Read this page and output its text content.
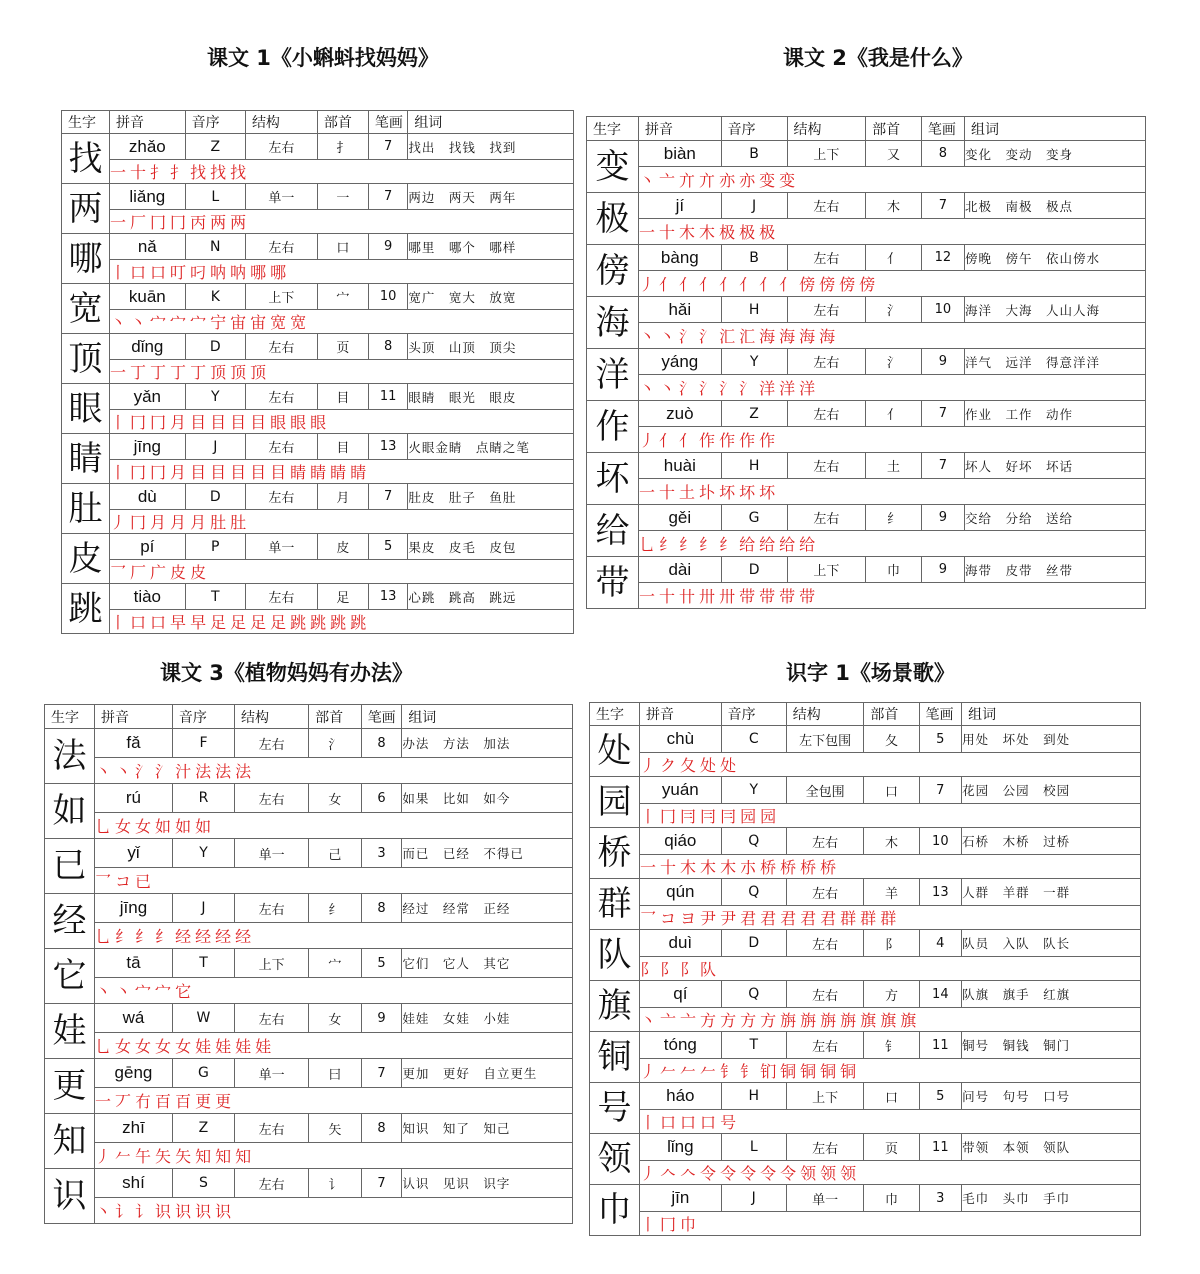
课文 1《小蝌蚪找妈妈》
生字	拼音	音序	结构	部首	笔画	组词
找	zhǎo	Z	左右	扌	7	找出　找钱　找到
	一 十 扌 扌 找 找 找					
两	liǎng	L	单一	一	7	两边　两天　两年
	一 厂 冂 冂 丙 两 两					
哪	nǎ	N	左右	口	9	哪里　哪个　哪样
	丨 口 口 叮 叼 呐 呐 哪 哪					
宽	kuān	K	上下	宀	10	宽广　宽大　放宽
	丶 丶 宀 宀 宀 宁 宙 宙 宽 宽					
顶	dǐng	D	左右	页	8	头顶　山顶　顶尖
	一 丁 丁 丁 丁 顶 顶 顶					
眼	yǎn	Y	左右	目	11	眼睛　眼光　眼皮
	丨 冂 冂 月 目 目 目 目 眼 眼 眼					
睛	jīng	J	左右	目	13	火眼金睛　点睛之笔
	丨 冂 冂 月 目 目 目 目 目 睛 睛 睛 睛					
肚	dù	D	左右	月	7	肚皮　肚子　鱼肚
	丿 冂 月 月 月 肚 肚					
皮	pí	P	单一	皮	5	果皮　皮毛　皮包
	乛 厂 广 皮 皮					
跳	tiào	T	左右	足	13	心跳　跳高　跳远
	丨 口 口 早 早 足 足 足 足 跳 跳 跳 跳					
课文 2《我是什么》
生字	拼音	音序	结构	部首	笔画	组词
变	biàn	B	上下	又	8	变化　变动　变身
	丶 亠 亣 亣 亦 亦 变 变					
极	jí	J	左右	木	7	北极　南极　极点
	一 十 木 木 极 极 极					
傍	bàng	B	左右	亻	12	傍晚　傍午　依山傍水
	丿 亻 亻 亻 亻 亻 亻 亻 傍 傍 傍 傍					
海	hǎi	H	左右	氵	10	海洋　大海　人山人海
	丶 丶 氵 氵 汇 汇 海 海 海 海					
洋	yáng	Y	左右	氵	9	洋气　远洋　得意洋洋
	丶 丶 氵 氵 氵 氵 洋 洋 洋					
作	zuò	Z	左右	亻	7	作业　工作　动作
	丿 亻 亻 作 作 作 作					
坏	huài	H	左右	土	7	坏人　好坏　坏话
	一 十 土 圤 坏 坏 坏					
给	gěi	G	左右	纟	9	交给　分给　送给
	乚 纟 纟 纟 纟 给 给 给 给					
带	dài	D	上下	巾	9	海带　皮带　丝带
	一 十 卄 卅 卅 带 带 带 带					
课文 3《植物妈妈有办法》
生字	拼音	音序	结构	部首	笔画	组词
法	fǎ	F	左右	氵	8	办法　方法　加法
	丶 丶 氵 氵 汁 法 法 法					
如	rú	R	左右	女	6	如果　比如　如今
	乚 女 女 如 如 如					
已	yǐ	Y	单一	己	3	而已　已经　不得已
	乛 コ 已					
经	jīng	J	左右	纟	8	经过　经常　正经
	乚 纟 纟 纟 经 经 经 经					
它	tā	T	上下	宀	5	它们　它人　其它
	丶 丶 宀 宀 它					
娃	wá	W	左右	女	9	娃娃　女娃　小娃
	乚 女 女 女 女 娃 娃 娃 娃					
更	gēng	G	单一	曰	7	更加　更好　自立更生
	一 丆 冇 百 百 更 更					
知	zhī	Z	左右	矢	8	知识　知了　知己
	丿 𠂉 午 矢 矢 知 知 知					
识	shí	S	左右	讠	7	认识　见识　识字
	丶 讠 讠 识 识 识 识					
识字 1《场景歌》
生字	拼音	音序	结构	部首	笔画	组词
处	chù	C	左下包围	夂	5	用处　坏处　到处
	丿 ク 夂 处 处					
园	yuán	Y	全包围	口	7	花园　公园　校园
	丨 冂 冃 冃 冃 园 园					
桥	qiáo	Q	左右	木	10	石桥　木桥　过桥
	一 十 木 木 木 朩 桥 桥 桥 桥					
群	qún	Q	左右	羊	13	人群　羊群　一群
	乛 コ ヨ 尹 尹 君 君 君 君 君 群 群 群					
队	duì	D	左右	阝	4	队员　入队　队长
	阝 阝 阝 队					
旗	qí	Q	左右	方	14	队旗　旗手　红旗
	丶 亠 亠 方 方 方 方 旃 旃 旃 旃 旗 旗 旗					
铜	tóng	T	左右	钅	11	铜号　铜钱　铜门
	丿 𠂉 𠂉 𠂉 钅 钅 钔 铜 铜 铜 铜					
号	háo	H	上下	口	5	问号　句号　口号
	丨 口 口 口 号					
领	lǐng	L	左右	页	11	带领　本领　领队
	丿 𠆢 𠆢 令 令 令 令 令 领 领 领					
巾	jīn	J	单一	巾	3	毛巾　头巾　手巾
	丨 冂 巾					
